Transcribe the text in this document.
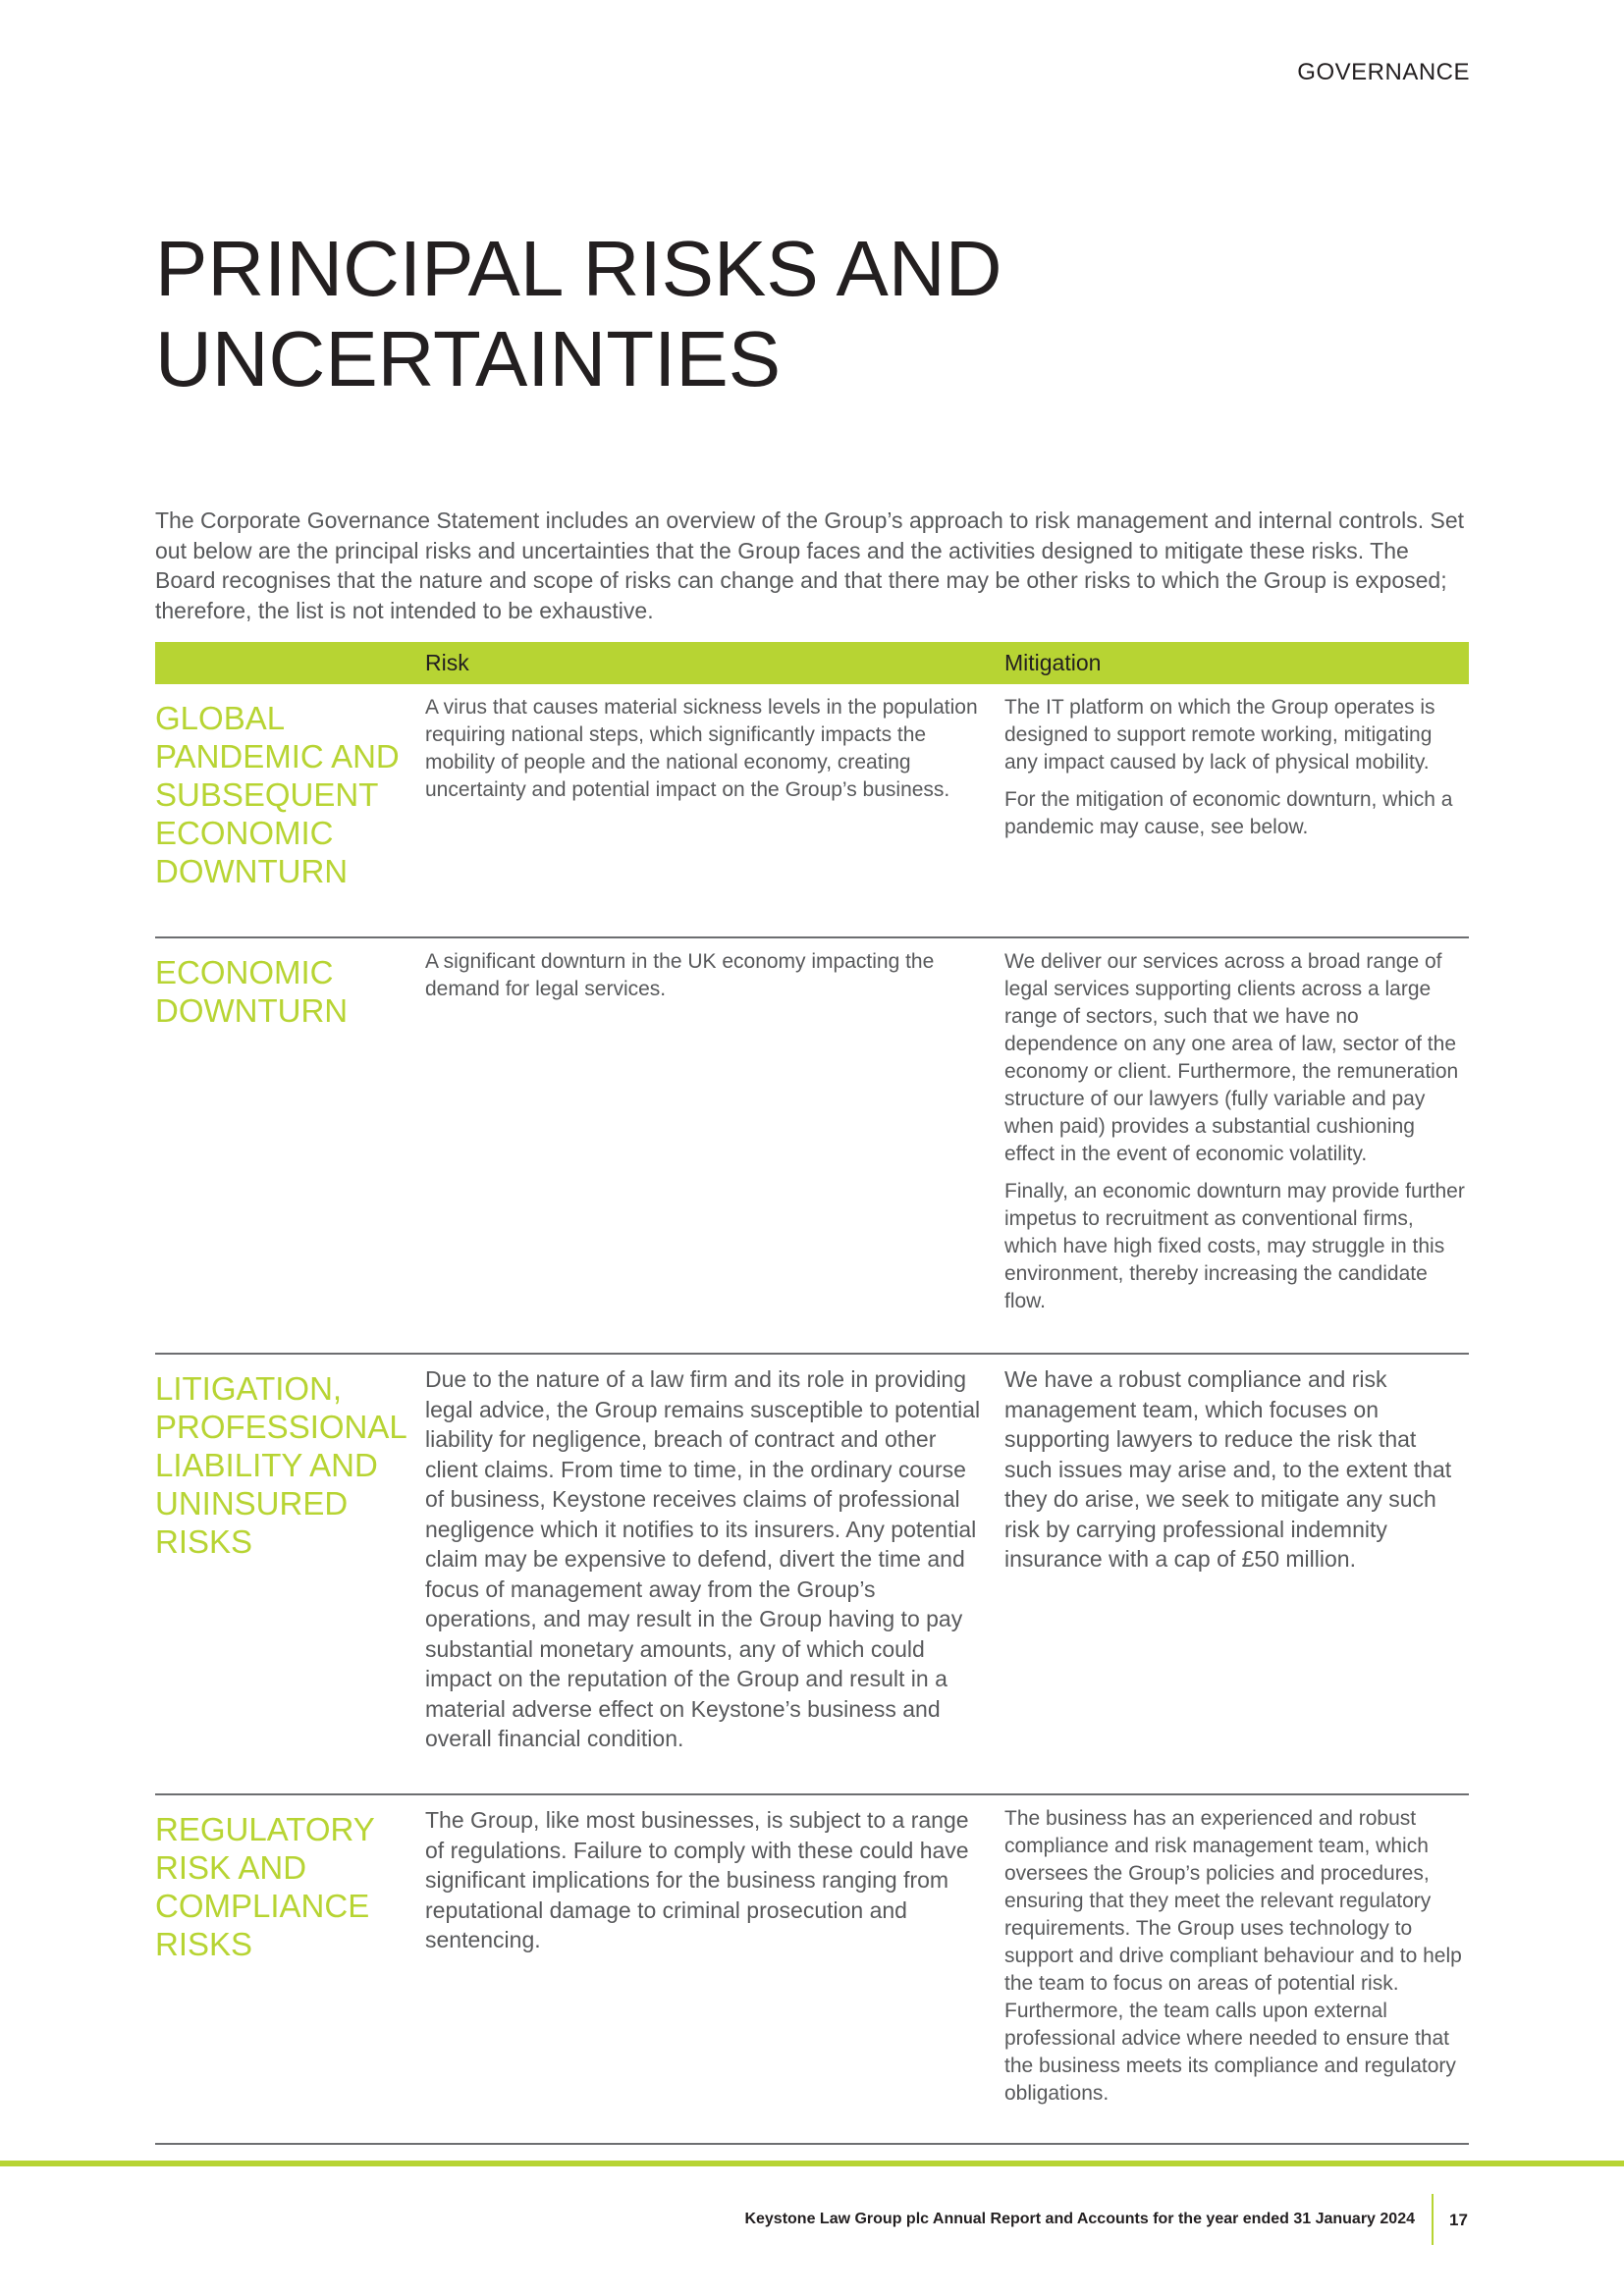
GOVERNANCE
PRINCIPAL RISKS AND
UNCERTAINTIES

The Corporate Governance Statement includes an overview of the Group’s approach to risk management and internal controls. Set out below are the principal risks and uncertainties that the Group faces and the activities designed to mitigate these risks. The Board recognises that the nature and scope of risks can change and that there may be other risks to which the Group is exposed; therefore, the list is not intended to be exhaustive.

Risk	Mitigation
GLOBAL
PANDEMIC AND
SUBSEQUENT
ECONOMIC
DOWNTURN

A virus that causes material sickness levels in the population requiring national steps, which significantly impacts the mobility of people and the national economy, creating uncertainty and potential impact on the Group’s business.

The IT platform on which the Group operates is designed to support remote working, mitigating any impact caused by lack of physical mobility.

For the mitigation of economic downturn, which a pandemic may cause, see below.

ECONOMIC
DOWNTURN

A significant downturn in the UK economy impacting the demand for legal services.

We deliver our services across a broad range of legal services supporting clients across a large range of sectors, such that we have no dependence on any one area of law, sector of the economy or client. Furthermore, the remuneration structure of our lawyers (fully variable and pay when paid) provides a substantial cushioning effect in the event of economic volatility.

Finally, an economic downturn may provide further impetus to recruitment as conventional firms, which have high fixed costs, may struggle in this environment, thereby increasing the candidate flow.

LITIGATION,
PROFESSIONAL
LIABILITY AND
UNINSURED
RISKS

Due to the nature of a law firm and its role in providing legal advice, the Group remains susceptible to potential liability for negligence, breach of contract and other client claims. From time to time, in the ordinary course of business, Keystone receives claims of professional negligence which it notifies to its insurers. Any potential claim may be expensive to defend, divert the time and focus of management away from the Group’s operations, and may result in the Group having to pay substantial monetary amounts, any of which could impact on the reputation of the Group and result in a material adverse effect on Keystone’s business and overall financial condition.

We have a robust compliance and risk management team, which focuses on supporting lawyers to reduce the risk that such issues may arise and, to the extent that they do arise, we seek to mitigate any such risk by carrying professional indemnity insurance with a cap of £50 million.

REGULATORY
RISK AND
COMPLIANCE
RISKS

The Group, like most businesses, is subject to a range of regulations. Failure to comply with these could have significant implications for the business ranging from reputational damage to criminal prosecution and sentencing.

The business has an experienced and robust compliance and risk management team, which oversees the Group’s policies and procedures, ensuring that they meet the relevant regulatory requirements. The Group uses technology to support and drive compliant behaviour and to help the team to focus on areas of potential risk. Furthermore, the team calls upon external professional advice where needed to ensure that the business meets its compliance and regulatory obligations.

Keystone Law Group plc Annual Report and Accounts for the year ended 31 January 2024 17
